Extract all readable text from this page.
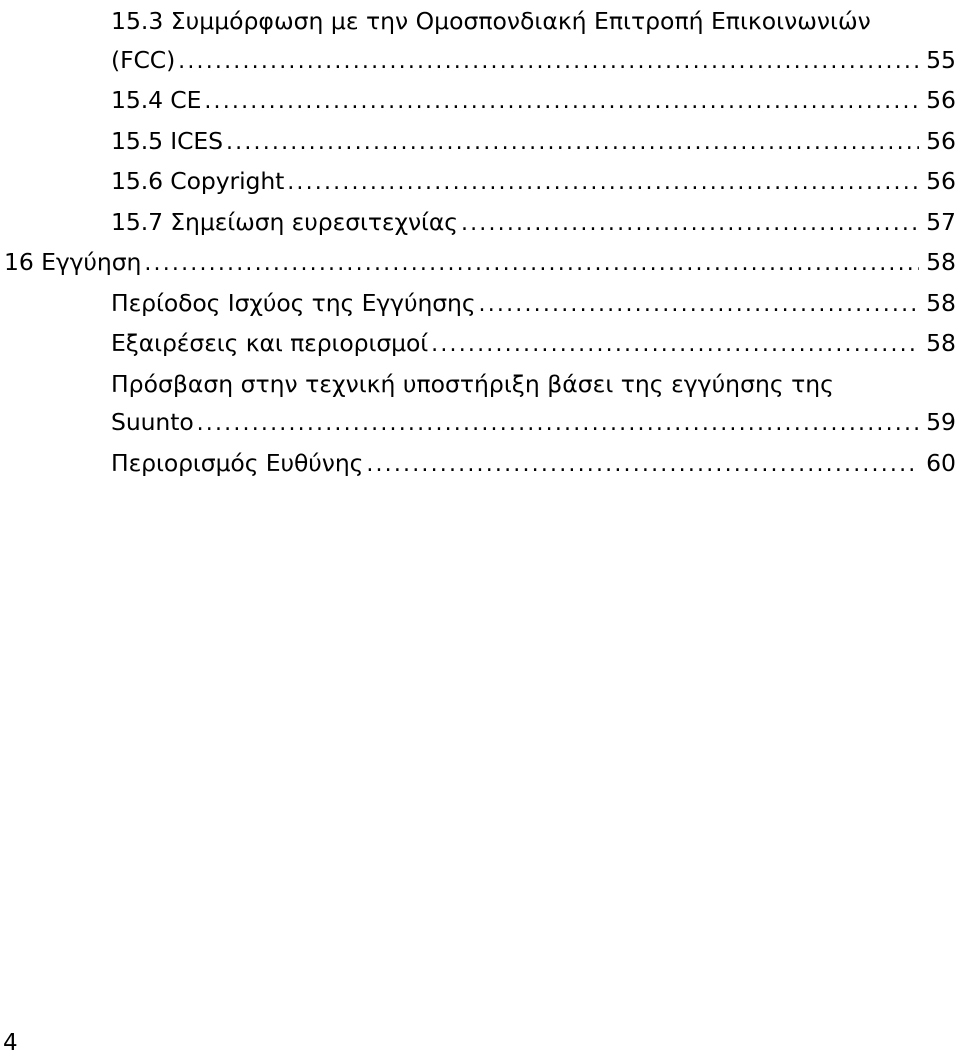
15.3 Συμμόρφωση με την Ομοσπονδιακή Επιτροπή Επικοινωνιών
(FCC) . . .	55
15.4 CE . . .	56
15.5 ICES . . .	56
15.6 Copyright . . .	56
15.7 Σημείωση ευρεσιτεχνίας . . .	57
16 Εγγύηση . . .	58
Περίοδος Ισχύος της Εγγύησης . . .	58
Εξαιρέσεις και περιορισμοί . . .	58
Πρόσβαση στην τεχνική υποστήριξη βάσει της εγγύησης της
Suunto . . .	59
Περιορισμός Ευθύνης . . .	60
4
